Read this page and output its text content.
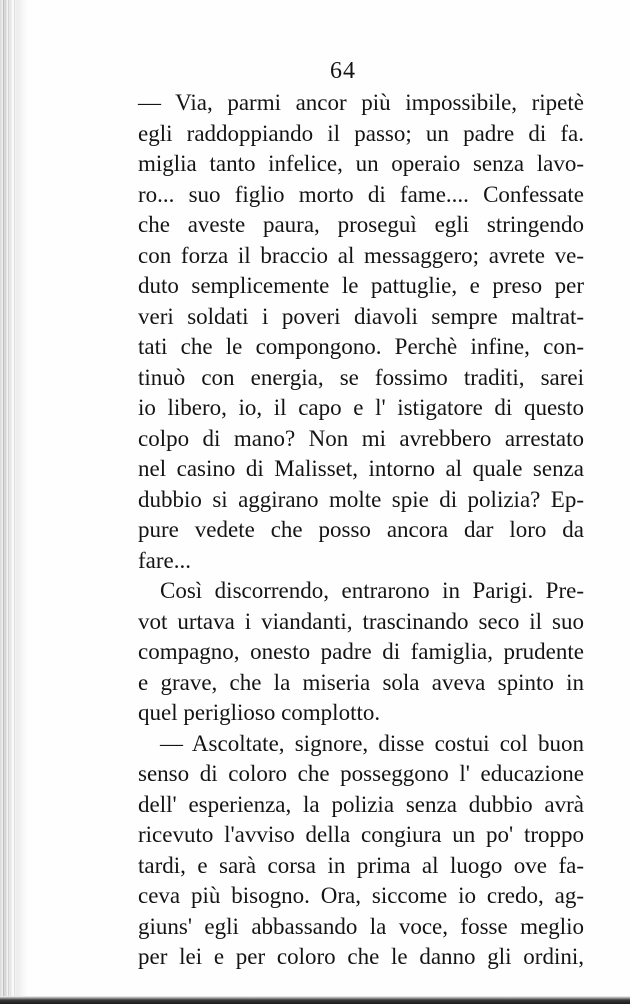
64
— Via, parmi ancor più impossibile, ripetè
egli raddoppiando il passo; un padre di fa.
miglia tanto infelice, un operaio senza lavo-
ro... suo figlio morto di fame.... Confessate
che aveste paura, proseguì egli stringendo
con forza il braccio al messaggero; avrete ve-
duto semplicemente le pattuglie, e preso per
veri soldati i poveri diavoli sempre maltrat-
tati che le compongono. Perchè infine, con-
tinuò con energia, se fossimo traditi, sarei
io libero, io, il capo e l' istigatore di questo
colpo di mano? Non mi avrebbero arrestato
nel casino di Malisset, intorno al quale senza
dubbio si aggirano molte spie di polizia? Ep-
pure vedete che posso ancora dar loro da
fare...
Così discorrendo, entrarono in Parigi. Pre-
vot urtava i viandanti, trascinando seco il suo
compagno, onesto padre di famiglia, prudente
e grave, che la miseria sola aveva spinto in
quel periglioso complotto.
— Ascoltate, signore, disse costui col buon
senso di coloro che posseggono l' educazione
dell' esperienza, la polizia senza dubbio avrà
ricevuto l'avviso della congiura un po' troppo
tardi, e sarà corsa in prima al luogo ove fa-
ceva più bisogno. Ora, siccome io credo, ag-
giuns' egli abbassando la voce, fosse meglio
per lei e per coloro che le danno gli ordini,
